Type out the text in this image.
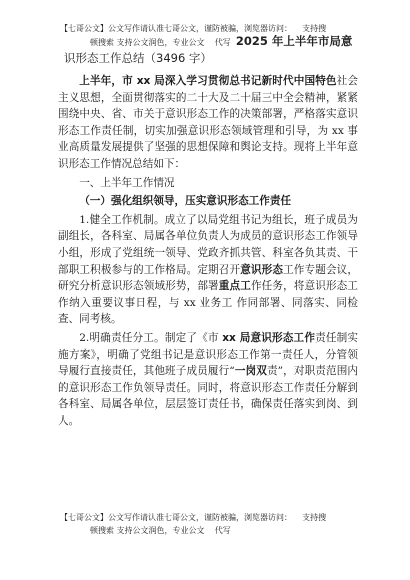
【七哥公文】公文写作请认准七哥公文，谨防被骗，浏览器访问： 支持搜
顿搜索 支持公文润色，专业公文 代写 2025 年上半年市局意
识形态工作总结（3496 字）

上半年，市 xx 局深入学习贯彻总书记新时代中国特色社会主义思想，全面贯彻落实的二十大及二十届三中全会精神，紧紧围绕中央、省、市关于意识形态工作的决策部署，严格落实意识形态工作责任制，切实加强意识形态领域管理和引导，为 xx 事业高质量发展提供了坚强的思想保障和舆论支持。现将上半年意识形态工作情况总结如下：

一、上半年工作情况

（一）强化组织领导，压实意识形态工作责任

1.健全工作机制。成立了以局党组书记为组长，班子成员为副组长，各科室、局属各单位负责人为成员的意识形态工作领导小组，形成了党组统一领导、党政齐抓共管、科室各负其责、干部职工积极参与的工作格局。定期召开意识形态工作专题会议，研究分析意识形态领域形势，部署重点工作任务，将意识形态工作纳入重要议事日程，与 xx 业务工 作同部署、同落实、同检查、同考核。

2.明确责任分工。制定了《市 xx 局意识形态工作责任制实施方案》，明确了党组书记是意识形态工作第一责任人，分管领导履行直接责任，其他班子成员履行“一岗双责”，对职责范围内的意识形态工作负领导责任。同时，将意识形态工作责任分解到各科室、局属各单位，层层签订责任书，确保责任落实到岗、到人。

【七哥公文】公文写作请认准七哥公文，谨防被骗，浏览器访问： 支持搜
顿搜索 支持公文润色，专业公文 代写
